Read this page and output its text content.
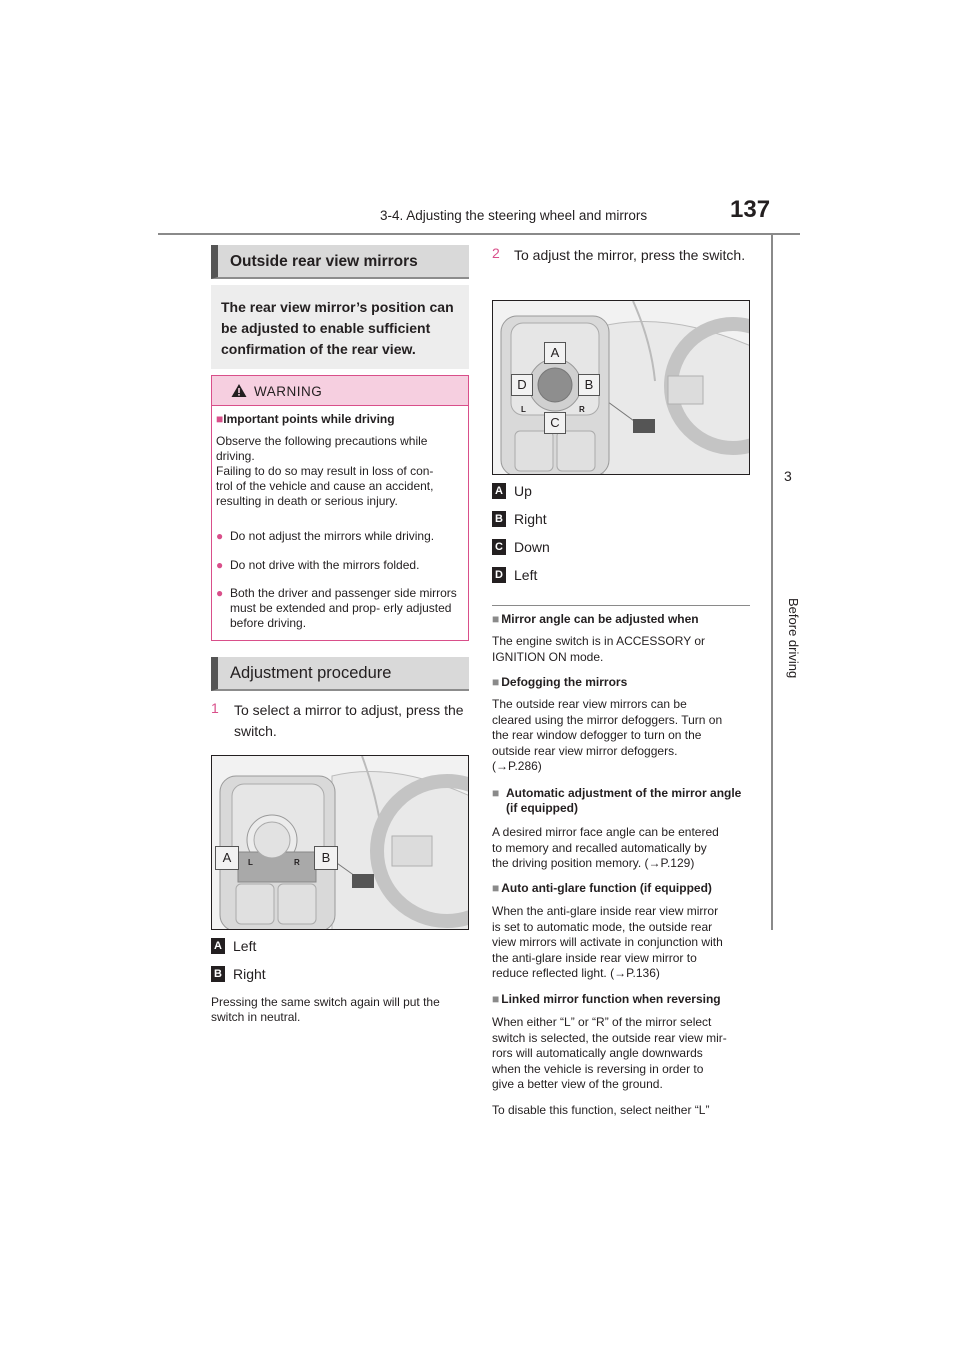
3-4. Adjusting the steering wheel and mirrors	137
3
Before driving
Outside rear view mirrors
The rear view mirror’s position can be adjusted to enable sufficient confirmation of the rear view.
WARNING
■Important points while driving
Observe the following precautions while driving.
Failing to do so may result in loss of con-
trol of the vehicle and cause an accident,
resulting in death or serious injury.
● Do not adjust the mirrors while driving.
● Do not drive with the mirrors folded.
● Both the driver and passenger side mirrors must be extended and prop- erly adjusted before driving.
Adjustment procedure
1 To select a mirror to adjust, press the switch.
A	B
L	R
A Left
B Right
Pressing the same switch again will put the switch in neutral.
2 To adjust the mirror, press the switch.
A
B
C
D
L	R
A Up
B Right
C Down
D Left
■ Mirror angle can be adjusted when
The engine switch is in ACCESSORY or
IGNITION ON mode.
■ Defogging the mirrors
The outside rear view mirrors can be
cleared using the mirror defoggers. Turn on
the rear window defogger to turn on the
outside rear view mirror defoggers.
(→P.286)
■ Automatic adjustment of the mirror angle (if equipped)
A desired mirror face angle can be entered
to memory and recalled automatically by
the driving position memory. (→P.129)
■ Auto anti-glare function (if equipped)
When the anti-glare inside rear view mirror
is set to automatic mode, the outside rear
view mirrors will activate in conjunction with
the anti-glare inside rear view mirror to
reduce reflected light. (→P.136)
■ Linked mirror function when reversing
When either “L” or “R” of the mirror select
switch is selected, the outside rear view mir-
rors will automatically angle downwards
when the vehicle is reversing in order to
give a better view of the ground.
To disable this function, select neither “L”
